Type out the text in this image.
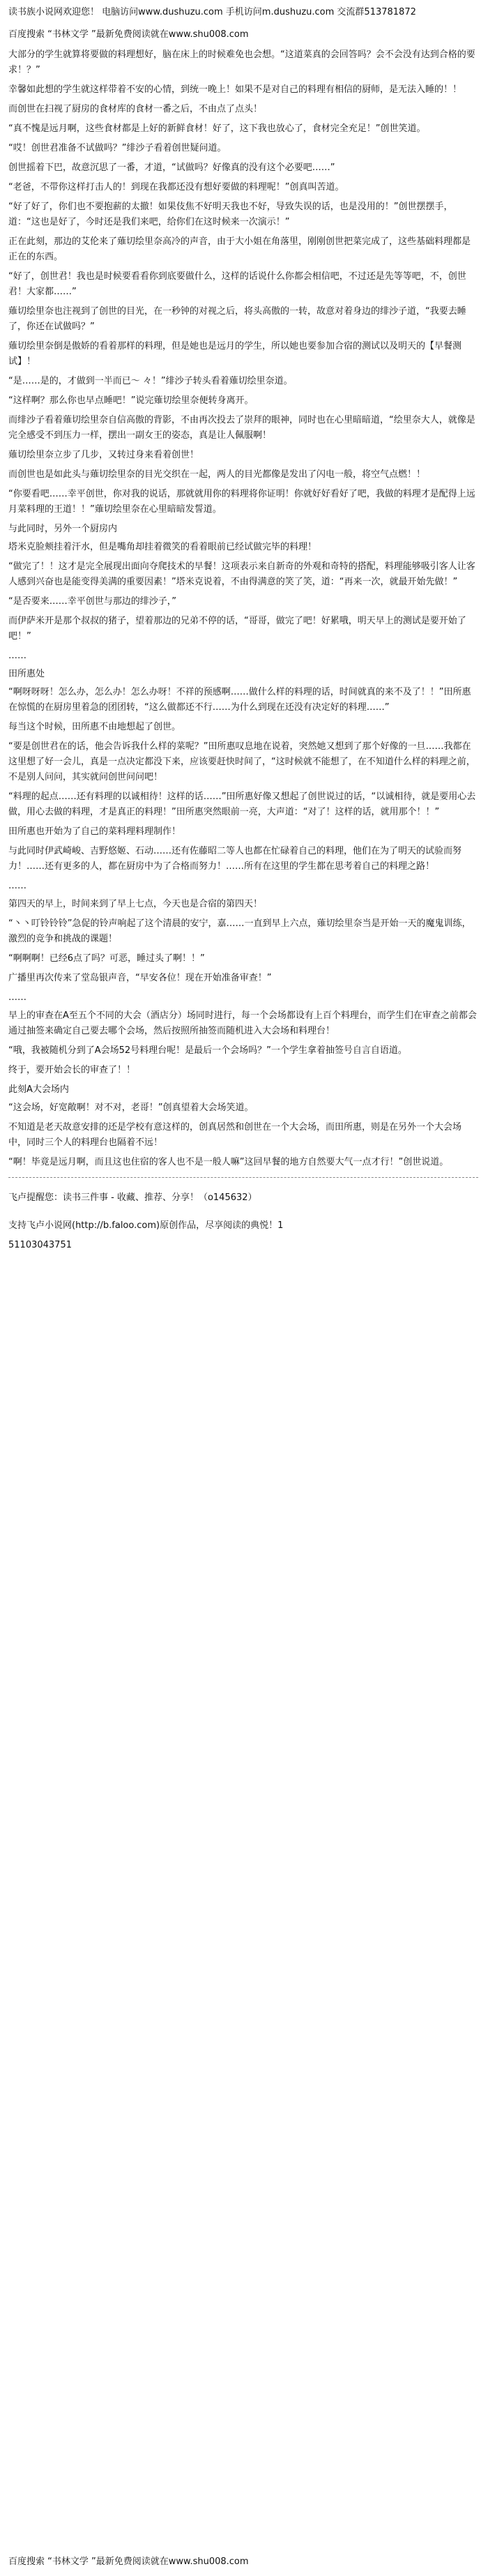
读书族小说网欢迎您！ 电脑访问www.dushuzu.com 手机访问m.dushuzu.com 交流群513781872
百度搜索 “书林文学 ”最新免费阅读就在www.shu008.com

大部分的学生就算将要做的料理想好，脑在床上的时候难免也会想。“这道菜真的会回答吗？会不会没有达到合格的要求！？”

幸馨如此想的学生就这样带着不安的心情，到统一晚上！如果不是对自己的料理有相信的厨师，是无法入睡的！！

而创世在扫视了厨房的食材库的食材一番之后，不由点了点头！

“真不愧是远月啊，这些食材都是上好的新鲜食材！好了，这下我也放心了，食材完全充足！”创世笑道。

“哎！创世君准备不试做吗？”绯沙子看着创世疑问道。

创世摇着下巴，故意沉思了一番，才道，“试做吗？好像真的没有这个必要吧……”

“老爸，不带你这样打击人的！到现在我都还没有想好要做的料理呢！”创真叫苦道。

“好了好了，你们也不要抱薪的太撤！如果伎焦不好明天我也不好，导致失误的话，也是没用的！”创世摆摆手，道：“这也是好了，今时还是我们来吧，给你们在这时候来一次演示！”

正在此刻，那边的艾伦来了薙切绘里奈高冷的声音，由于大小姐在角落里，刚刚创世把菜完成了，这些基础料理都是正在的东西。

“好了，创世君！我也是时候要看看你到底要做什么，这样的话说什么你都会相信吧，不过还是先等等吧，不，创世君！大家都……”

薙切绘里奈也注视到了创世的目光，在一秒钟的对视之后，将头高傲的一转，故意对着身边的绯沙子道，“我要去睡了，你还在试做吗？”

薙切绘里奈倒是傲娇的看着那样的料理，但是她也是远月的学生，所以她也要参加合宿的测试以及明天的【早餐测试】！

“是……是的，才做到一半而已～ 々！”绯沙子转头看着薙切绘里奈道。

“这样啊？那么你也早点睡吧！”说完薙切绘里奈便转身离开。

而绯沙子看着薙切绘里奈自信高傲的背影，不由再次投去了崇拜的眼神，同时也在心里暗暗道，“绘里奈大人，就像是完全感受不到压力一样，摆出一副女王的姿态，真是让人佩服啊！

薙切绘里奈立步了几步，又转过身来看着创世！

而创世也是如此头与薙切绘里奈的目光交织在一起，两人的目光都像是发出了闪电一般，将空气点燃！！

“你要看吧……幸平创世，你对我的说话，那就就用你的料理将你证明！你就好好看好了吧，我做的料理才是配得上远月菜料理的王道！！”薙切绘里奈在心里暗暗发誓道。

与此同时，另外一个厨房内

塔米克脸颊挂着汗水，但是嘴角却挂着微笑的看着眼前已经试做完毕的料理！

“做完了！！这才是完全展现出面向夺爬技术的早餐！这项表示来自新奇的外观和奇特的搭配，料理能够吸引客人让客人感到兴奋也是能变得美满的重要因素！”塔米克说着，不由得满意的笑了笑，道：“再来一次，就最开始先做！”

“是否要来……幸平创世与那边的绯沙子，”

而伊萨米开是那个叔叔的猪子，望着那边的兄弟不停的话，“哥哥，做完了吧！好累哦，明天早上的测试是要开始了吧！”

……

田所惠处

“啊呀呀呀！怎么办，怎么办！怎么办呀！不祥的预感啊……做什么样的料理的话，时间就真的来不及了！！”田所惠在惊慌的在厨房里着急的团团转，“这么做都还不行……为什么到现在还没有决定好的料理……”

每当这个时候，田所惠不由地想起了创世。

“要是创世君在的话，他会告诉我什么样的菜呢？”田所惠叹息地在说着，突然她又想到了那个好像的一旦……我都在这里想了好一会儿，真是一点决定都没下来，应该要赶快时间了，“这时候就不能想了，在不知道什么样的料理之前，不是别人问问，其实就问创世问问吧！

“料理的起点……还有料理的以诚相待！这样的话……”田所惠好像又想起了创世说过的话，“以诚相待，就是要用心去做，用心去做的料理，才是真正的料理！”田所惠突然眼前一亮，大声道：“对了！这样的话，就用那个！！”

田所惠也开始为了自己的菜料理料理制作！

与此同时伊武崎峻、吉野悠姬、石动……还有佐藤昭二等人也都在忙碌着自己的料理，他们在为了明天的试验而努力！……还有更多的人，都在厨房中为了合格而努力！……所有在这里的学生都在思考着自己的料理之路！

……

第四天的早上，时间来到了早上七点，今天也是合宿的第四天！

“丶丶叮铃铃铃”急促的铃声响起了这个清晨的安宁，嘉……一直到早上六点，薙切绘里奈当是开始一天的魔鬼训练，激烈的竞争和挑战的课题！

“啊啊啊！已经6点了吗？可恶，睡过头了啊！！”

广播里再次传来了堂岛银声音，“早安各位！现在开始准备审查！”

……

早上的审查在A至五个不同的大会（酒店分）场同时进行，每一个会场都设有上百个料理台，而学生们在审查之前都会通过抽签来确定自己要去哪个会场，然后按照所抽签而随机进入大会场和料理台！

“哦，我被随机分到了A会场52号料理台呢！是最后一个会场吗？”一个学生拿着抽签号自言自语道。

终于，要开始会长的审查了！！

此刻A大会场内

“这会场，好宽敞啊！对不对，老哥！”创真望着大会场笑道。

不知道是老天故意安排的还是学校有意这样的，创真居然和创世在一个大会场，而田所惠，则是在另外一个大会场中，同时三个人的料理台也隔着不远！

“啊！毕竟是远月啊，而且这也住宿的客人也不是一般人嘛”这回早餐的地方自然要大气一点才行！”创世说道。

飞卢提醒您：读书三件事 - 收藏、推荐、分享！（o145632）
支持飞卢小说网(http://b.faloo.com)原创作品，尽享阅读的典悦！1
51103043751
百度搜索 “书林文学 ”最新免费阅读就在www.shu008.com
